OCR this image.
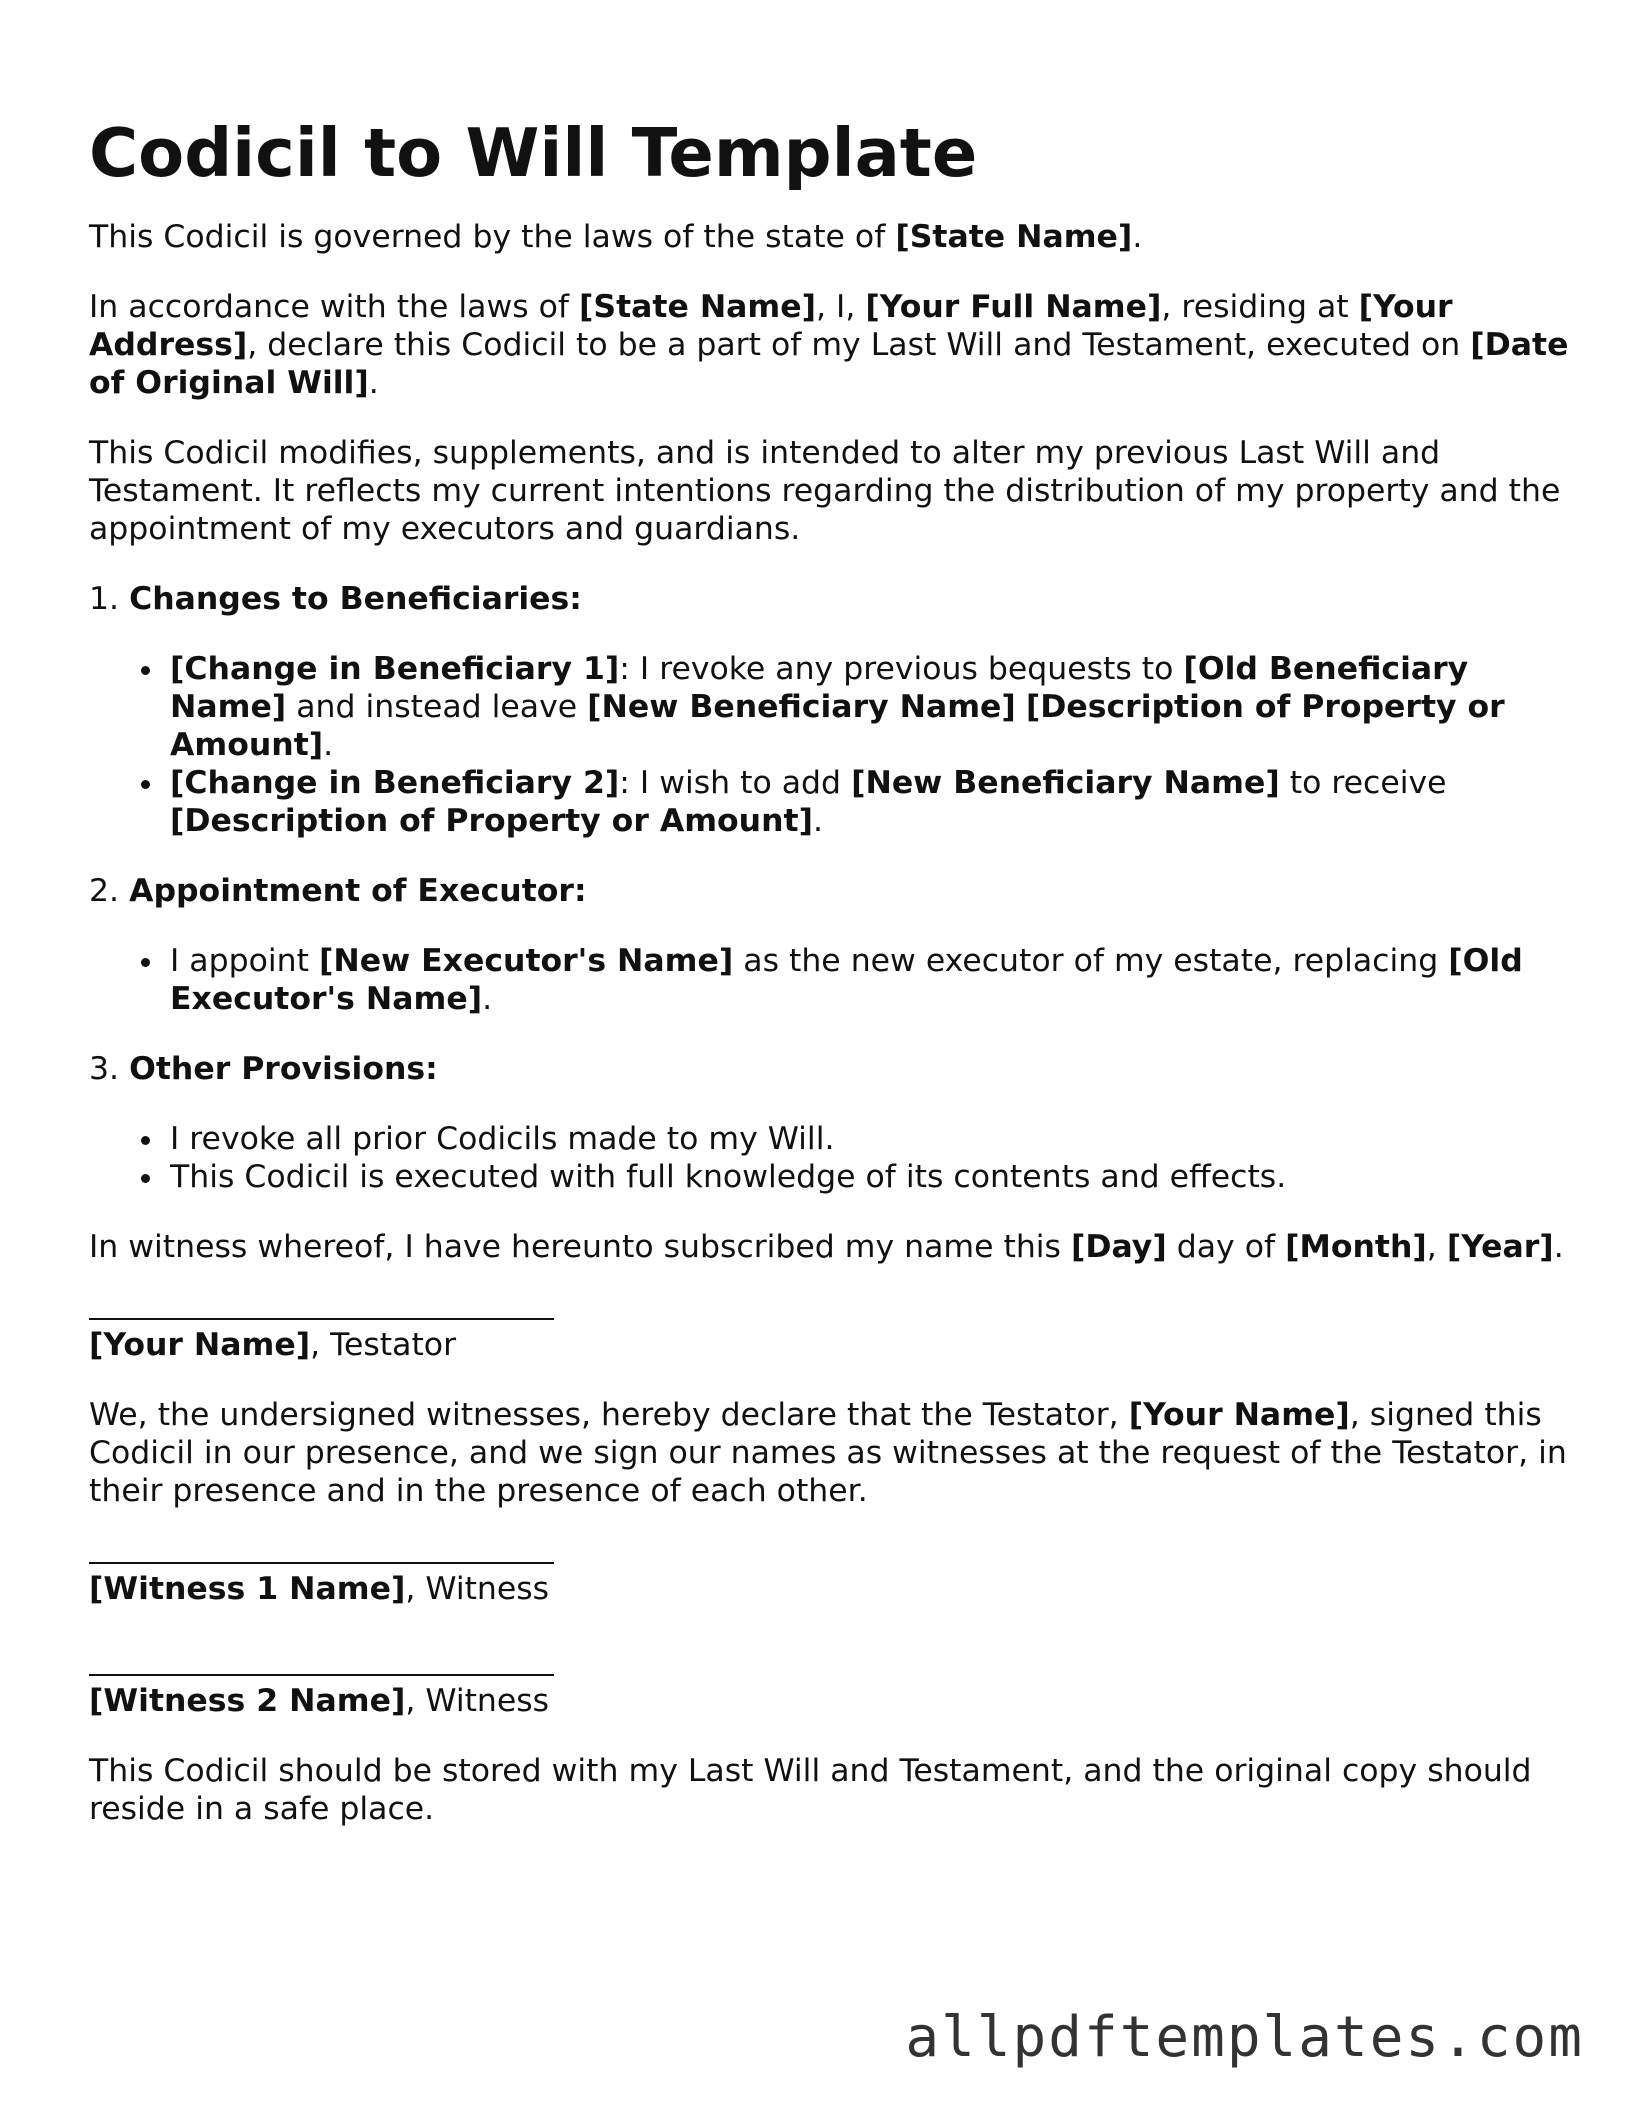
Codicil to Will Template

This Codicil is governed by the laws of the state of [State Name].

In accordance with the laws of [State Name], I, [Your Full Name], residing at [Your Address], declare this Codicil to be a part of my Last Will and Testament, executed on [Date of Original Will].

This Codicil modifies, supplements, and is intended to alter my previous Last Will and Testament. It reflects my current intentions regarding the distribution of my property and the appointment of my executors and guardians.

1. Changes to Beneficiaries:

[Change in Beneficiary 1]: I revoke any previous bequests to [Old Beneficiary Name] and instead leave [New Beneficiary Name] [Description of Property or Amount].
[Change in Beneficiary 2]: I wish to add [New Beneficiary Name] to receive [Description of Property or Amount].

2. Appointment of Executor:

I appoint [New Executor's Name] as the new executor of my estate, replacing [Old Executor's Name].

3. Other Provisions:

I revoke all prior Codicils made to my Will.
This Codicil is executed with full knowledge of its contents and effects.

In witness whereof, I have hereunto subscribed my name this [Day] day of [Month], [Year].

[Your Name], Testator

We, the undersigned witnesses, hereby declare that the Testator, [Your Name], signed this Codicil in our presence, and we sign our names as witnesses at the request of the Testator, in their presence and in the presence of each other.

[Witness 1 Name], Witness

[Witness 2 Name], Witness

This Codicil should be stored with my Last Will and Testament, and the original copy should reside in a safe place.

allpdftemplates.com
